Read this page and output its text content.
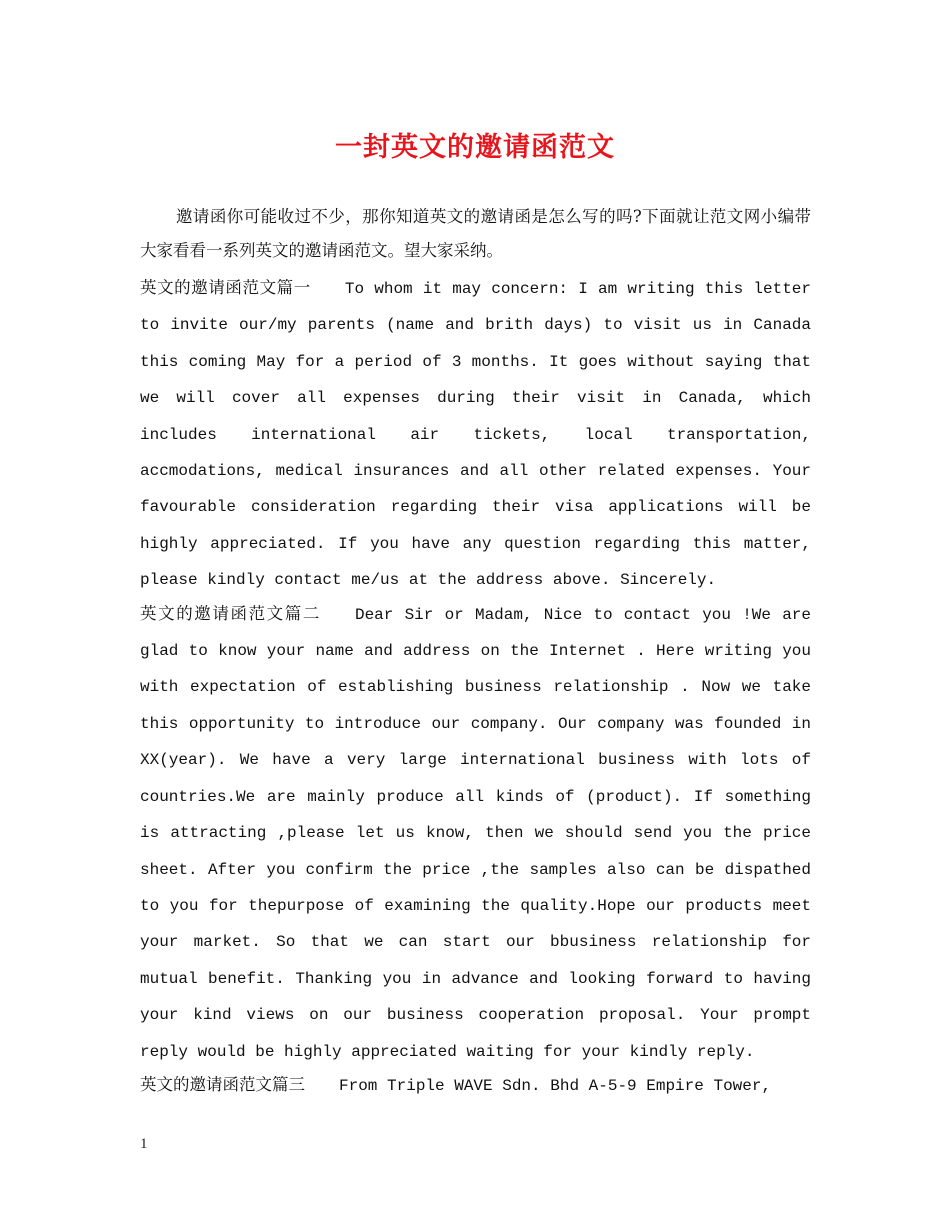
一封英文的邀请函范文

邀请函你可能收过不少，那你知道英文的邀请函是怎么写的吗?下面就让范文网小编带大家看看一系列英文的邀请函范文。望大家采纳。

英文的邀请函范文篇一 To whom it may concern: I am writing this letter to invite our/my parents (name and brith days) to visit us in Canada this coming May for a period of 3 months. It goes without saying that we will cover all expenses during their visit in Canada, which includes international air tickets, local transportation, accmodations, medical insurances and all other related expenses. Your favourable consideration regarding their visa applications will be highly appreciated. If you have any question regarding this matter, please kindly contact me/us at the address above. Sincerely.

英文的邀请函范文篇二 Dear Sir or Madam, Nice to contact you !We are glad to know your name and address on the Internet . Here writing you with expectation of establishing business relationship . Now we take this opportunity to introduce our company. Our company was founded in XX(year). We have a very large international business with lots of countries.We are mainly produce all kinds of (product). If something is attracting ,please let us know, then we should send you the price sheet. After you confirm the price ,the samples also can be dispathed to you for thepurpose of examining the quality.Hope our products meet your market. So that we can start our bbusiness relationship for mutual benefit. Thanking you in advance and looking forward to having your kind views on our business cooperation proposal. Your prompt reply would be highly appreciated waiting for your kindly reply.

英文的邀请函范文篇三 From Triple WAVE Sdn. Bhd A-5-9 Empire Tower,

1
